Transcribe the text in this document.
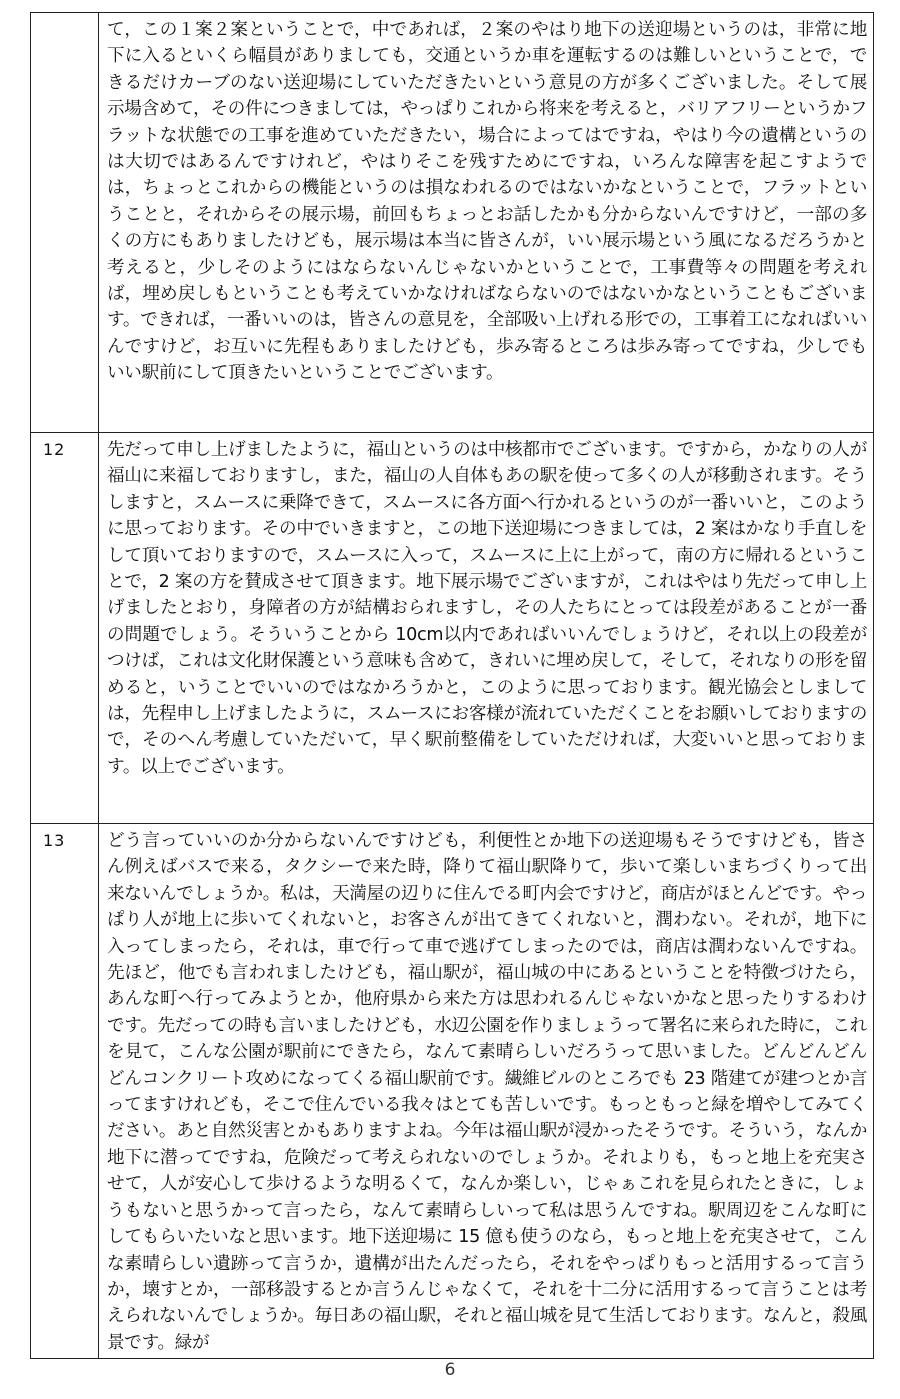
	て，この１案２案ということで，中であれば，２案のやはり地下の送迎場というのは，非常に地下に入るといくら幅員がありましても，交通というか車を運転するのは難しいということで，できるだけカーブのない送迎場にしていただきたいという意見の方が多くございました。そして展示場含めて，その件につきましては，やっぱりこれから将来を考えると，バリアフリーというかフラットな状態での工事を進めていただきたい，場合によってはですね，やはり今の遺構というのは大切ではあるんですけれど，やはりそこを残すためにですね，いろんな障害を起こすようでは，ちょっとこれからの機能というのは損なわれるのではないかなということで，フラットということと，それからその展示場，前回もちょっとお話したかも分からないんですけど，一部の多くの方にもありましたけども，展示場は本当に皆さんが，いい展示場という風になるだろうかと考えると，少しそのようにはならないんじゃないかということで，工事費等々の問題を考えれば，埋め戻しもということも考えていかなければならないのではないかなということもございます。できれば，一番いいのは，皆さんの意見を，全部吸い上げれる形での，工事着工になればいいんですけど，お互いに先程もありましたけども，歩み寄るところは歩み寄ってですね，少しでもいい駅前にして頂きたいということでございます。
12	先だって申し上げましたように，福山というのは中核都市でございます。ですから，かなりの人が福山に来福しておりますし，また，福山の人自体もあの駅を使って多くの人が移動されます。そうしますと，スムースに乗降できて，スムースに各方面へ行かれるというのが一番いいと，このように思っております。その中でいきますと，この地下送迎場につきましては，2 案はかなり手直しをして頂いておりますので，スムースに入って，スムースに上に上がって，南の方に帰れるということで，2 案の方を賛成させて頂きます。地下展示場でございますが，これはやはり先だって申し上げましたとおり，身障者の方が結構おられますし，その人たちにとっては段差があることが一番の問題でしょう。そういうことから 10cm以内であればいいんでしょうけど，それ以上の段差がつけば，これは文化財保護という意味も含めて，きれいに埋め戻して，そして，それなりの形を留めると，いうことでいいのではなかろうかと，このように思っております。観光協会としましては，先程申し上げましたように，スムースにお客様が流れていただくことをお願いしておりますので，そのへん考慮していただいて，早く駅前整備をしていただければ，大変いいと思っております。以上でございます。
13	どう言っていいのか分からないんですけども，利便性とか地下の送迎場もそうですけども，皆さん例えばバスで来る，タクシーで来た時，降りて福山駅降りて，歩いて楽しいまちづくりって出来ないんでしょうか。私は，天満屋の辺りに住んでる町内会ですけど，商店がほとんどです。やっぱり人が地上に歩いてくれないと，お客さんが出てきてくれないと，潤わない。それが，地下に入ってしまったら，それは，車で行って車で逃げてしまったのでは，商店は潤わないんですね。先ほど，他でも言われましたけども，福山駅が，福山城の中にあるということを特徴づけたら，あんな町へ行ってみようとか，他府県から来た方は思われるんじゃないかなと思ったりするわけです。先だっての時も言いましたけども，水辺公園を作りましょうって署名に来られた時に，これを見て，こんな公園が駅前にできたら，なんて素晴らしいだろうって思いました。どんどんどんどんコンクリート攻めになってくる福山駅前です。繊維ビルのところでも 23 階建てが建つとか言ってますけれども，そこで住んでいる我々はとても苦しいです。もっともっと緑を増やしてみてください。あと自然災害とかもありますよね。今年は福山駅が浸かったそうです。そういう，なんか地下に潜ってですね，危険だって考えられないのでしょうか。それよりも，もっと地上を充実させて，人が安心して歩けるような明るくて，なんか楽しい，じゃぁこれを見られたときに，しょうもないと思うかって言ったら，なんて素晴らしいって私は思うんですね。駅周辺をこんな町にしてもらいたいなと思います。地下送迎場に 15 億も使うのなら，もっと地上を充実させて，こんな素晴らしい遺跡って言うか，遺構が出たんだったら，それをやっぱりもっと活用するって言うか，壊すとか，一部移設するとか言うんじゃなくて，それを十二分に活用するって言うことは考えられないんでしょうか。毎日あの福山駅，それと福山城を見て生活しております。なんと，殺風景です。緑が
6
